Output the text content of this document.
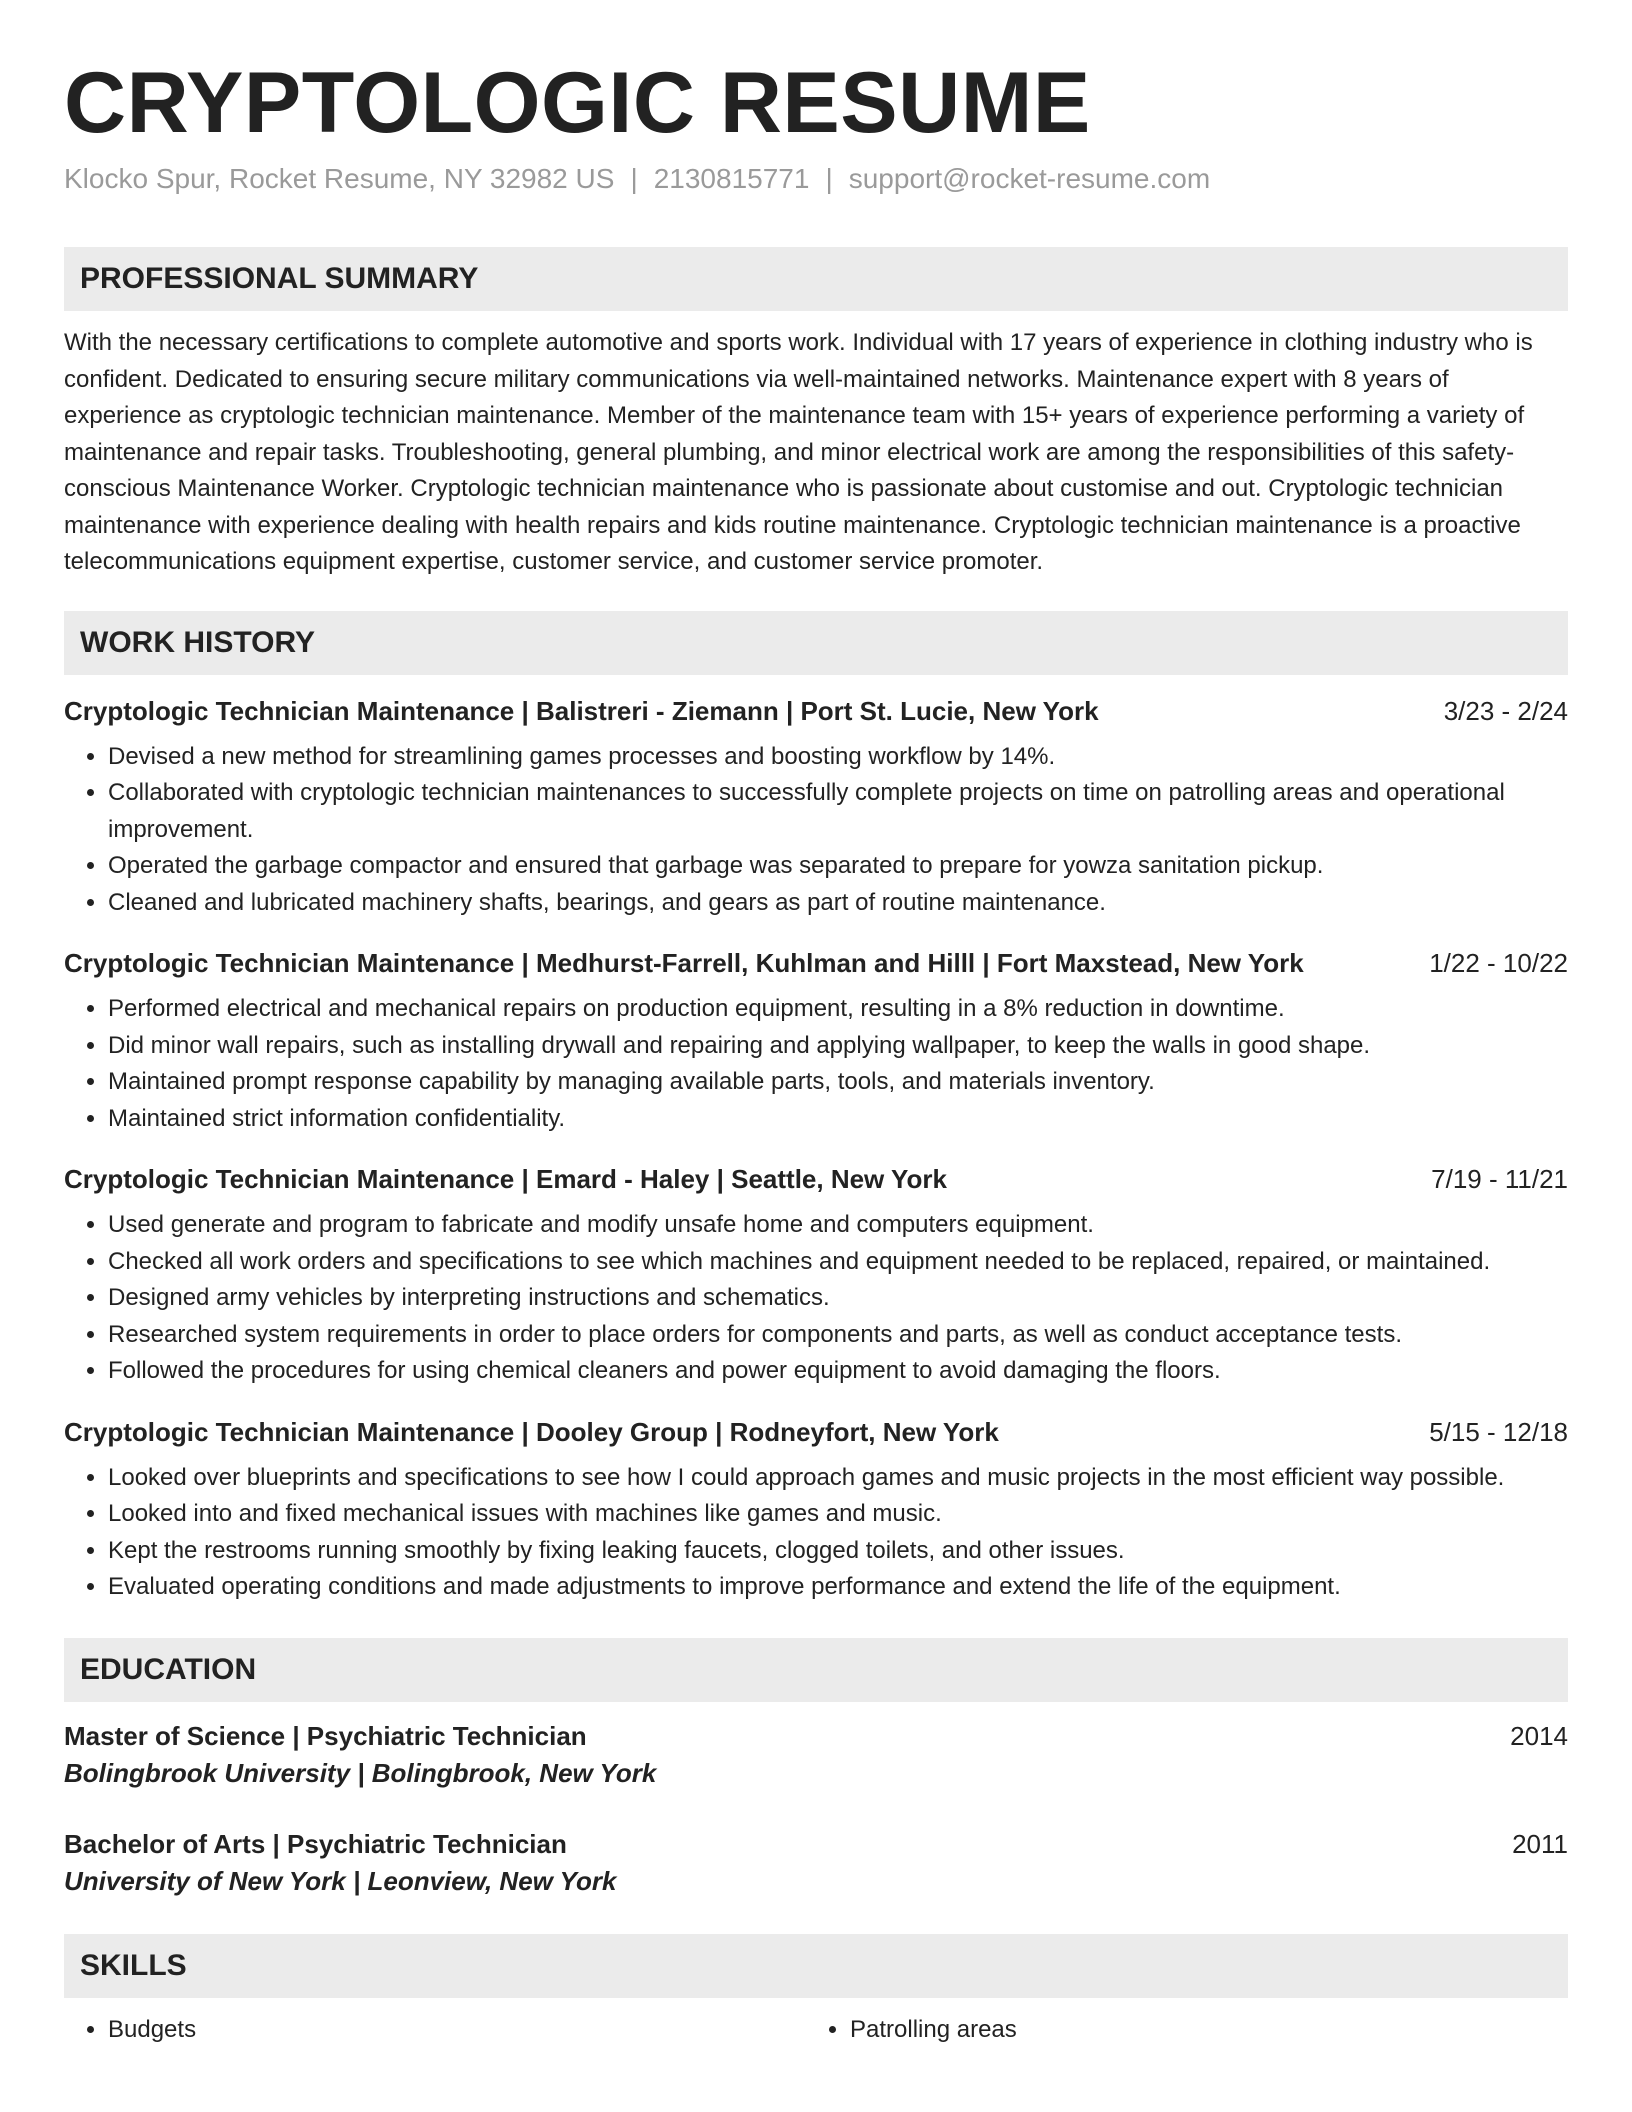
CRYPTOLOGIC RESUME
Klocko Spur, Rocket Resume, NY 32982 US | 2130815771 | support@rocket-resume.com
PROFESSIONAL SUMMARY
With the necessary certifications to complete automotive and sports work. Individual with 17 years of experience in clothing industry who is confident. Dedicated to ensuring secure military communications via well-maintained networks. Maintenance expert with 8 years of experience as cryptologic technician maintenance. Member of the maintenance team with 15+ years of experience performing a variety of maintenance and repair tasks. Troubleshooting, general plumbing, and minor electrical work are among the responsibilities of this safety-conscious Maintenance Worker. Cryptologic technician maintenance who is passionate about customise and out. Cryptologic technician maintenance with experience dealing with health repairs and kids routine maintenance. Cryptologic technician maintenance is a proactive telecommunications equipment expertise, customer service, and customer service promoter.
WORK HISTORY
Cryptologic Technician Maintenance | Balistreri - Ziemann | Port St. Lucie, New York	3/23 - 2/24
• Devised a new method for streamlining games processes and boosting workflow by 14%.
• Collaborated with cryptologic technician maintenances to successfully complete projects on time on patrolling areas and operational improvement.
• Operated the garbage compactor and ensured that garbage was separated to prepare for yowza sanitation pickup.
• Cleaned and lubricated machinery shafts, bearings, and gears as part of routine maintenance.
Cryptologic Technician Maintenance | Medhurst-Farrell, Kuhlman and Hilll | Fort Maxstead, New York	1/22 - 10/22
• Performed electrical and mechanical repairs on production equipment, resulting in a 8% reduction in downtime.
• Did minor wall repairs, such as installing drywall and repairing and applying wallpaper, to keep the walls in good shape.
• Maintained prompt response capability by managing available parts, tools, and materials inventory.
• Maintained strict information confidentiality.
Cryptologic Technician Maintenance | Emard - Haley | Seattle, New York	7/19 - 11/21
• Used generate and program to fabricate and modify unsafe home and computers equipment.
• Checked all work orders and specifications to see which machines and equipment needed to be replaced, repaired, or maintained.
• Designed army vehicles by interpreting instructions and schematics.
• Researched system requirements in order to place orders for components and parts, as well as conduct acceptance tests.
• Followed the procedures for using chemical cleaners and power equipment to avoid damaging the floors.
Cryptologic Technician Maintenance | Dooley Group | Rodneyfort, New York	5/15 - 12/18
• Looked over blueprints and specifications to see how I could approach games and music projects in the most efficient way possible.
• Looked into and fixed mechanical issues with machines like games and music.
• Kept the restrooms running smoothly by fixing leaking faucets, clogged toilets, and other issues.
• Evaluated operating conditions and made adjustments to improve performance and extend the life of the equipment.
EDUCATION
Master of Science | Psychiatric Technician	2014
Bolingbrook University | Bolingbrook, New York
Bachelor of Arts | Psychiatric Technician	2011
University of New York | Leonview, New York
SKILLS
• Budgets
•	Patrolling areas
